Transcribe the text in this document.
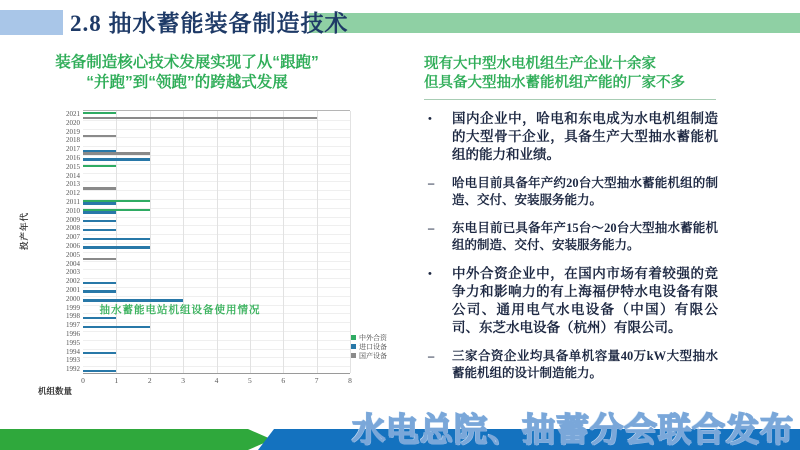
2.8 抽水蓄能装备制造技术
装备制造核心技术发展实现了从“跟跑”
“并跑”到“领跑”的跨越式发展
投产年代
中外合资
进口设备
国产设备
机组数量
0	1	2	3	4	5	6	7	8
2021
2020
2019
2018
2017
2016
2015
2014
2013
2012
2011
2010
2009
2008
2007
2006
2005
2004
2003
2002
2001
2000
1999
1998
1997
1996
1995
1994
1993
1992
抽水蓄能电站机组设备使用情况
现有大中型水电机组生产企业十余家
但具备大型抽水蓄能机组产能的厂家不多
•	国内企业中，哈电和东电成为水电机组制造的大型骨干企业，具备生产大型抽水蓄能机组的能力和业绩。
–	哈电目前具备年产约20台大型抽水蓄能机组的制造、交付、安装服务能力。
–	东电目前已具备年产15台～20台大型抽水蓄能机组的制造、交付、安装服务能力。
•	中外合资企业中，在国内市场有着较强的竞争力和影响力的有上海福伊特水电设备有限公司、通用电气水电设备（中国）有限公司、东芝水电设备（杭州）有限公司。
–	三家合资企业均具备单机容量40万kW大型抽水蓄能机组的设计制造能力。
水电总院、抽蓄分会联合发布
